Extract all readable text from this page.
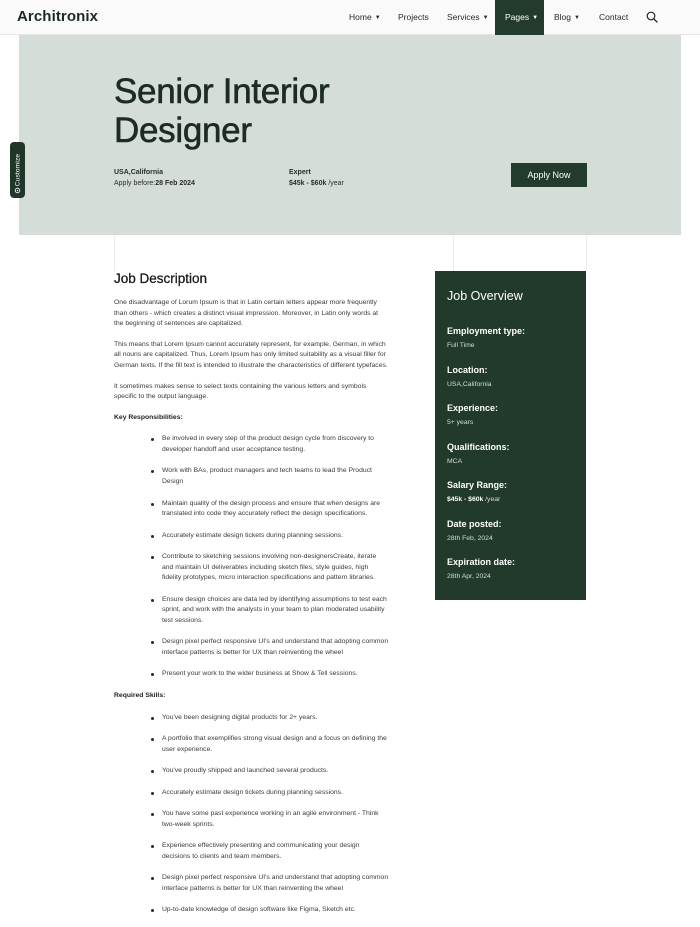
Architronix	Home ▼ Projects Services ▼	Pages ▼	Blog ▼ Contact
Senior Interior Designer
USA,California
Apply before:28 Feb 2024
Expert
$45k - $60k /year
Apply Now
Customize
Job Description

One disadvantage of Lorum Ipsum is that in Latin certain letters appear more frequently than others - which creates a distinct visual impression. Moreover, in Latin only words at the beginning of sentences are capitalized.

This means that Lorem Ipsum cannot accurately represent, for example, German, in which all nouns are capitalized. Thus, Lorem Ipsum has only limited suitability as a visual filler for German texts. If the fill text is intended to illustrate the characteristics of different typefaces.

It sometimes makes sense to select texts containing the various letters and symbols specific to the output language.

Key Responsibilities:

Be involved in every step of the product design cycle from discovery to developer handoff and user acceptance testing.
Work with BAs, product managers and tech teams to lead the Product Design
Maintain quality of the design process and ensure that when designs are translated into code they accurately reflect the design specifications.
Accurately estimate design tickets during planning sessions.
Contribute to sketching sessions involving non-designersCreate, iterate and maintain UI deliverables including sketch files, style guides, high fidelity prototypes, micro interaction specifications and pattern libraries.
Ensure design choices are data led by identifying assumptions to test each sprint, and work with the analysts in your team to plan moderated usability test sessions.
Design pixel perfect responsive UI's and understand that adopting common interface patterns is better for UX than reinventing the wheel
Present your work to the wider business at Show & Tell sessions.

Required Skills:

You've been designing digital products for 2+ years.
A portfolio that exemplifies strong visual design and a focus on defining the user experience.
You've proudly shipped and launched several products.
Accurately estimate design tickets during planning sessions.
You have some past experience working in an agile environment - Think two-week sprints.
Experience effectively presenting and communicating your design decisions to clients and team members.
Design pixel perfect responsive UI's and understand that adopting common interface patterns is better for UX than reinventing the wheel
Up-to-date knowledge of design software like Figma, Sketch etc.
Job Overview
Employment type:
Full Time
Location:
USA,California
Experience:
5+ years
Qualifications:
MCA
Salary Range:
$45k - $60k /year
Date posted:
28th Feb, 2024
Expiration date:
28th Apr, 2024
